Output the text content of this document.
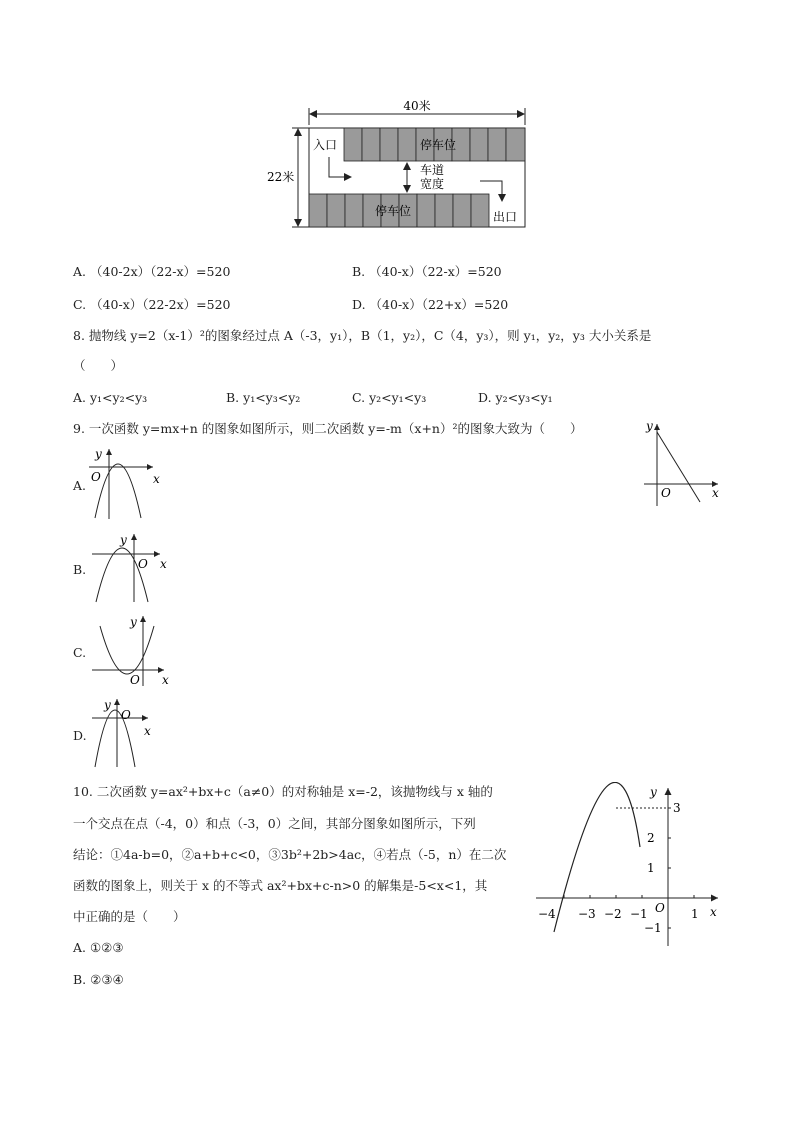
40米
22米
停车位
停车位
入口
出口
车道
宽度
A. （40-2x）（22-x）=520	B. （40-x）（22-x）=520
C. （40-x）（22-2x）=520	D. （40-x）（22+x）=520
8. 抛物线 y=2（x-1）²的图象经过点 A（-3，y₁），B（1，y₂），C（4，y₃），则 y₁，y₂，y₃ 大小关系是
（　　）
A. y₁<y₂<y₃	B. y₁<y₃<y₂	C. y₂<y₁<y₃	D. y₂<y₃<y₁
9. 一次函数 y=mx+n 的图象如图所示，则二次函数 y=-m（x+n）²的图象大致为（　　）	y
x
O
A.
y
x
O
B.
y
x
O
C.
y
x
O
D.
y
x
O
10. 二次函数 y=ax²+bx+c（a≠0）的对称轴是 x=-2，该抛物线与 x 轴的
一个交点在点（-4，0）和点（-3，0）之间，其部分图象如图所示，下列
结论：①4a-b=0，②a+b+c<0，③3b²+2b>4ac，④若点（-5，n）在二次
函数的图象上，则关于 x 的不等式 ax²+bx+c-n>0 的解集是-5<x<1，其
中正确的是（　　）
A. ①②③
B. ②③④
−4 −3 −2 −1	1
3
2
1
−1
y
x
O
